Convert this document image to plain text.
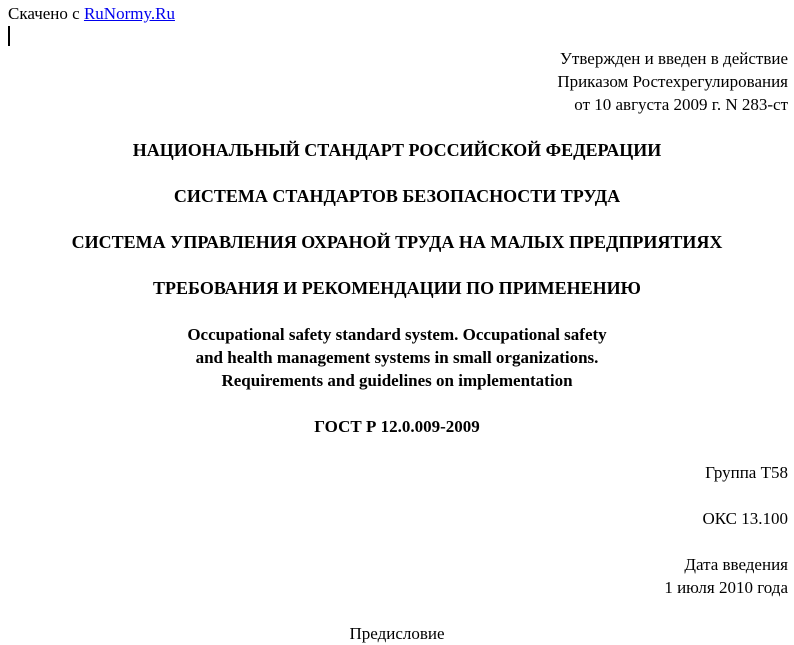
Скачено с RuNormy.Ru
Утвержден и введен в действие
Приказом Ростехрегулирования
от 10 августа 2009 г. N 283-ст
НАЦИОНАЛЬНЫЙ СТАНДАРТ РОССИЙСКОЙ ФЕДЕРАЦИИ
СИСТЕМА СТАНДАРТОВ БЕЗОПАСНОСТИ ТРУДА
СИСТЕМА УПРАВЛЕНИЯ ОХРАНОЙ ТРУДА НА МАЛЫХ ПРЕДПРИЯТИЯХ
ТРЕБОВАНИЯ И РЕКОМЕНДАЦИИ ПО ПРИМЕНЕНИЮ
Occupational safety standard system. Occupational safety
and health management systems in small organizations.
Requirements and guidelines on implementation
ГОСТ Р 12.0.009-2009
Группа Т58
ОКС 13.100
Дата введения
1 июля 2010 года
Предисловие
